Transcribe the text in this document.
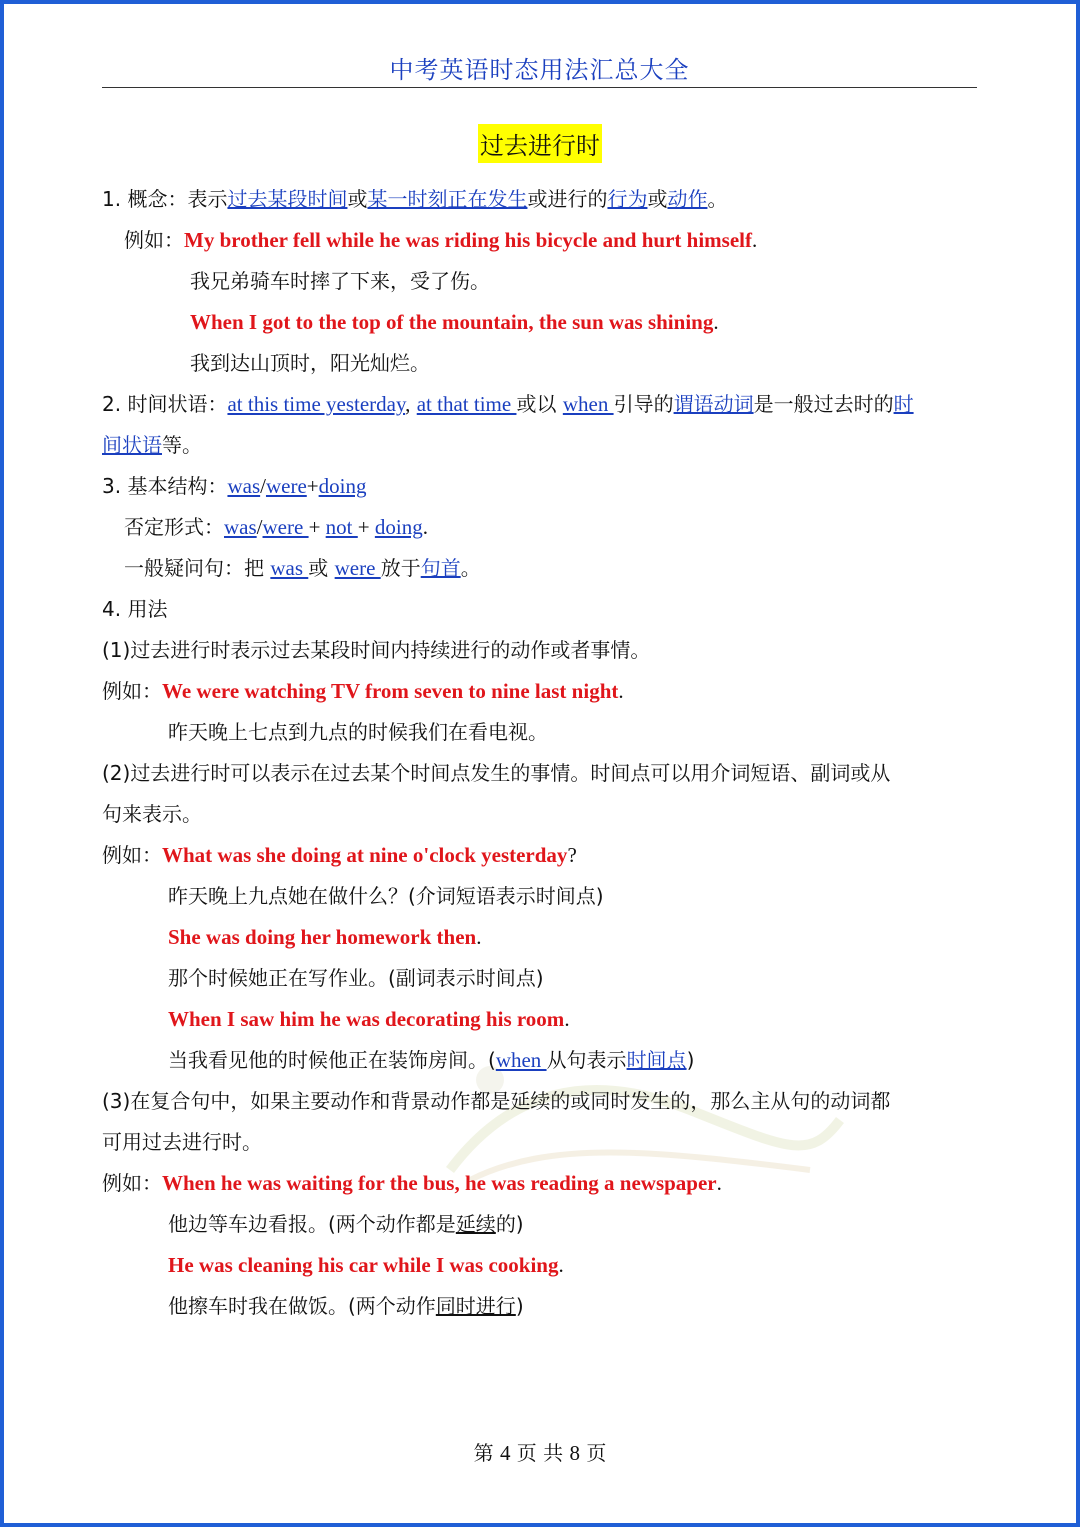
中考英语时态用法汇总大全
过去进行时
1. 概念：表示过去某段时间或某一时刻正在发生或进行的行为或动作。
例如：My brother fell while he was riding his bicycle and hurt himself.
我兄弟骑车时摔了下来，受了伤。
When I got to the top of the mountain, the sun was shining.
我到达山顶时，阳光灿烂。
2. 时间状语：at this time yesterday, at that time 或以 when 引导的谓语动词是一般过去时的时
间状语等。
3. 基本结构：was/were+doing
否定形式：was/were + not + doing.
一般疑问句：把 was 或 were 放于句首。
4. 用法
(1)过去进行时表示过去某段时间内持续进行的动作或者事情。
例如：We were watching TV from seven to nine last night.
昨天晚上七点到九点的时候我们在看电视。
(2)过去进行时可以表示在过去某个时间点发生的事情。时间点可以用介词短语、副词或从
句来表示。
例如：What was she doing at nine o'clock yesterday?
昨天晚上九点她在做什么？(介词短语表示时间点)
She was doing her homework then.
那个时候她正在写作业。(副词表示时间点)
When I saw him he was decorating his room.
当我看见他的时候他正在装饰房间。(when 从句表示时间点)
(3)在复合句中，如果主要动作和背景动作都是延续的或同时发生的，那么主从句的动词都
可用过去进行时。
例如：When he was waiting for the bus, he was reading a newspaper.
他边等车边看报。(两个动作都是延续的)
He was cleaning his car while I was cooking.
他擦车时我在做饭。(两个动作同时进行)
第 4 页 共 8 页
